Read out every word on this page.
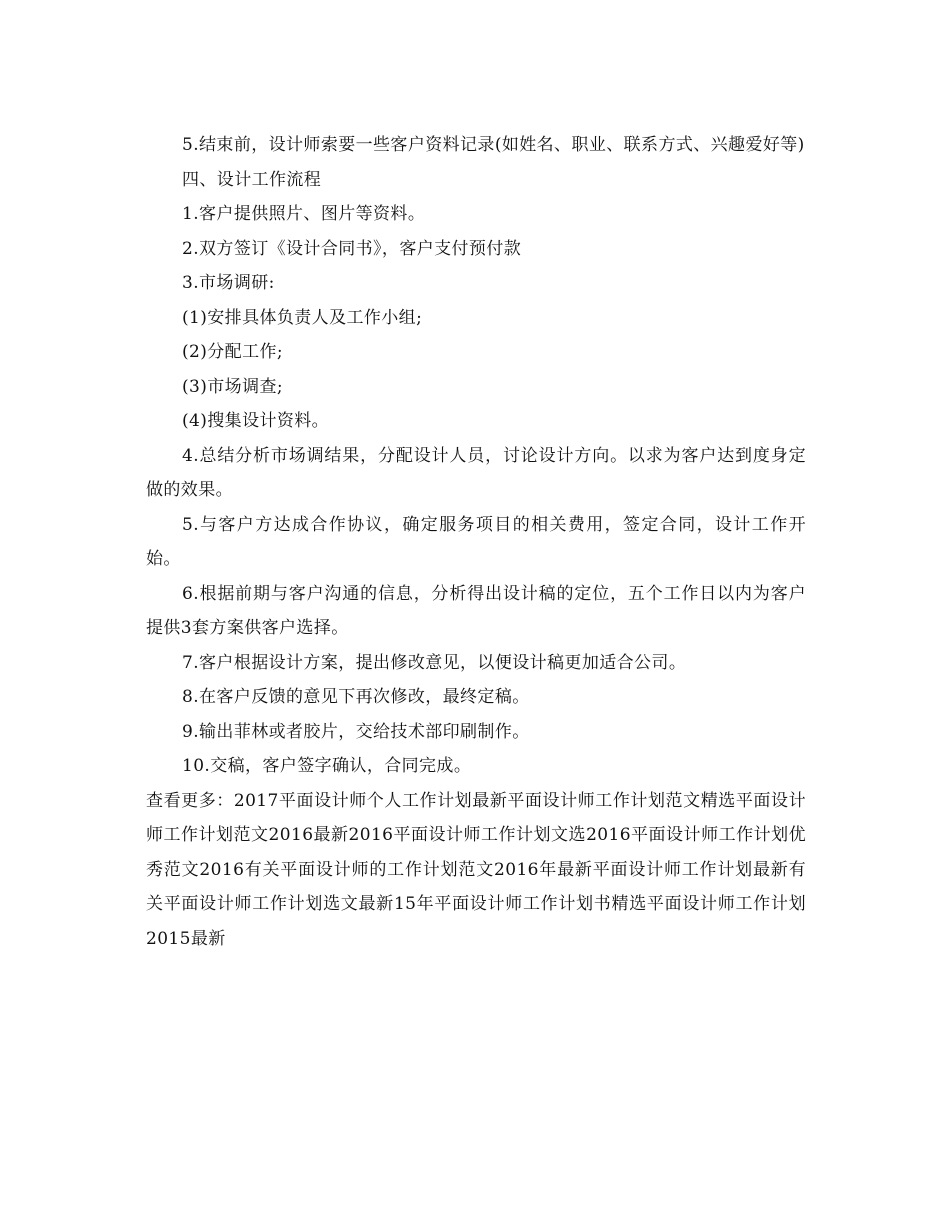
5.结束前，设计师索要一些客户资料记录(如姓名、职业、联系方式、兴趣爱好等)

四、设计工作流程

1.客户提供照片、图片等资料。

2.双方签订《设计合同书》，客户支付预付款

3.市场调研:

(1)安排具体负责人及工作小组;

(2)分配工作;

(3)市场调查;

(4)搜集设计资料。

4.总结分析市场调结果，分配设计人员，讨论设计方向。以求为客户达到度身定做的效果。

5.与客户方达成合作协议，确定服务项目的相关费用，签定合同，设计工作开始。

6.根据前期与客户沟通的信息，分析得出设计稿的定位，五个工作日以内为客户提供3套方案供客户选择。

7.客户根据设计方案，提出修改意见，以便设计稿更加适合公司。

8.在客户反馈的意见下再次修改，最终定稿。

9.输出菲林或者胶片，交给技术部印刷制作。

10.交稿，客户签字确认，合同完成。

查看更多：2017平面设计师个人工作计划最新平面设计师工作计划范文精选平面设计师工作计划范文2016最新2016平面设计师工作计划文选2016平面设计师工作计划优秀范文2016有关平面设计师的工作计划范文2016年最新平面设计师工作计划最新有关平面设计师工作计划选文最新15年平面设计师工作计划书精选平面设计师工作计划2015最新
